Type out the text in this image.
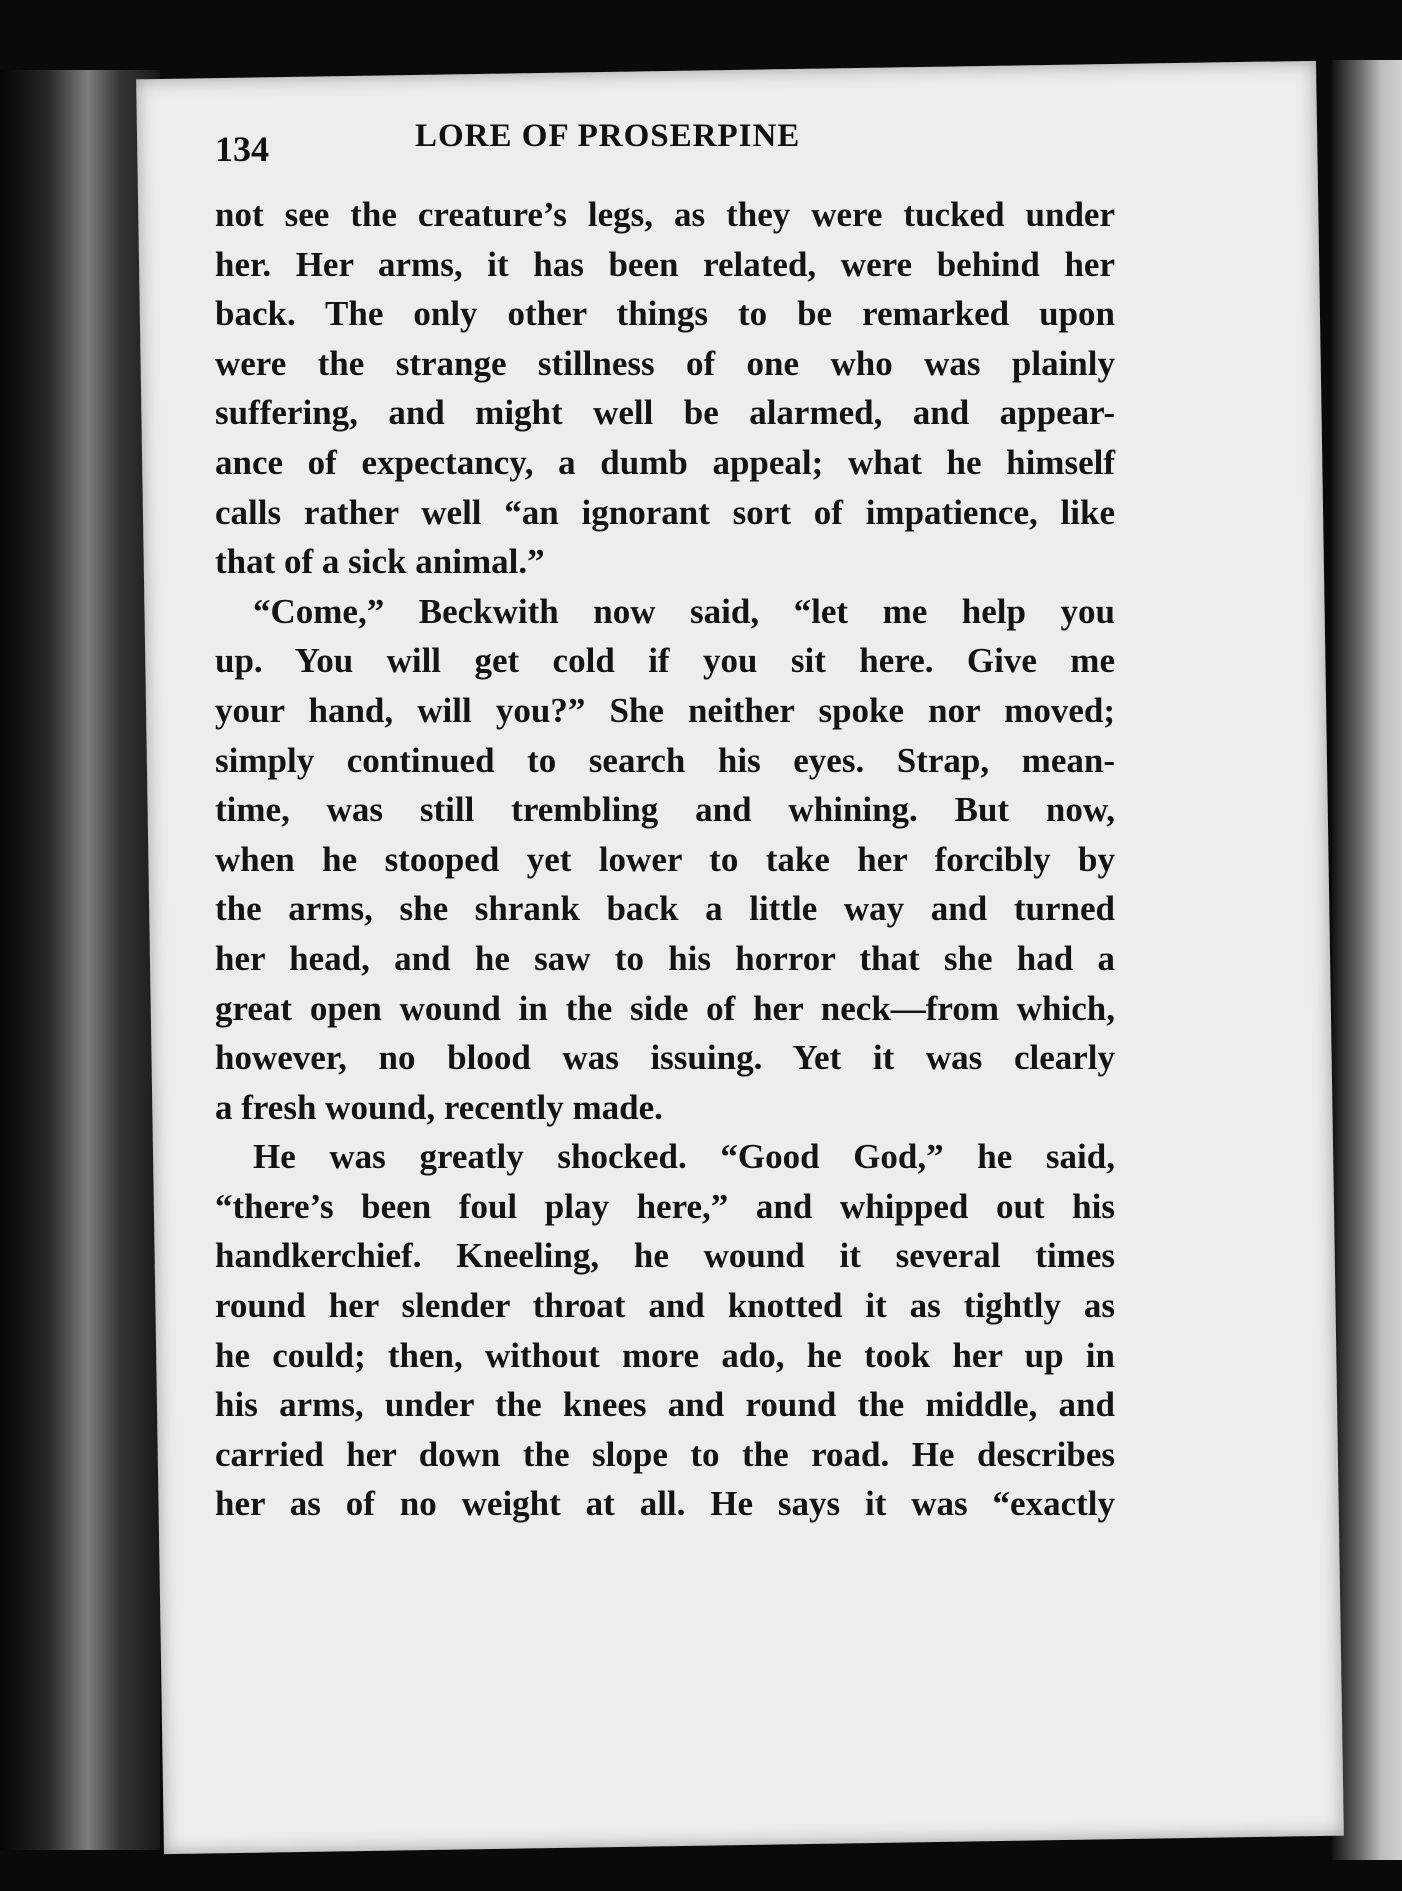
134	LORE OF PROSERPINE
not see the creature’s legs, as they were tucked under
her. Her arms, it has been related, were behind her
back. The only other things to be remarked upon
were the strange stillness of one who was plainly
suffering, and might well be alarmed, and appear-
ance of expectancy, a dumb appeal; what he himself
calls rather well “an ignorant sort of impatience, like
that of a sick animal.”
“Come,” Beckwith now said, “let me help you
up. You will get cold if you sit here. Give me
your hand, will you?” She neither spoke nor moved;
simply continued to search his eyes. Strap, mean-
time, was still trembling and whining. But now,
when he stooped yet lower to take her forcibly by
the arms, she shrank back a little way and turned
her head, and he saw to his horror that she had a
great open wound in the side of her neck—from which,
however, no blood was issuing. Yet it was clearly
a fresh wound, recently made.
He was greatly shocked. “Good God,” he said,
“there’s been foul play here,” and whipped out his
handkerchief. Kneeling, he wound it several times
round her slender throat and knotted it as tightly as
he could; then, without more ado, he took her up in
his arms, under the knees and round the middle, and
carried her down the slope to the road. He describes
her as of no weight at all. He says it was “exactly
